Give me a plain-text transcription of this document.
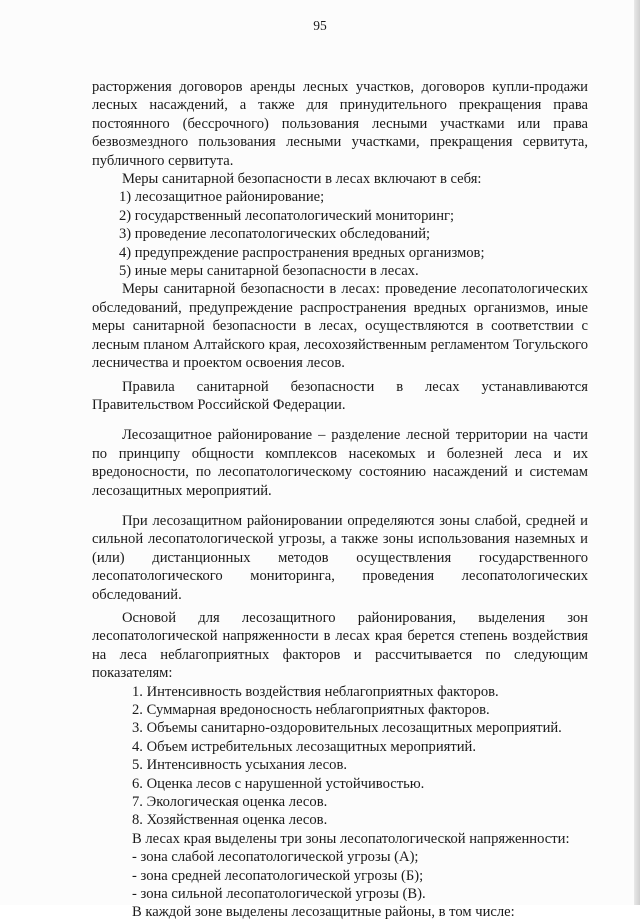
95

расторжения договоров аренды лесных участков, договоров купли-продажи лесных насаждений, а также для принудительного прекращения права постоянного (бессрочного) пользования лесными участками или права безвозмездного пользования лесными участками, прекращения сервитута, публичного сервитута.

Меры санитарной безопасности в лесах включают в себя:

1) лесозащитное районирование;

2) государственный лесопатологический мониторинг;

3) проведение лесопатологических обследований;

4) предупреждение распространения вредных организмов;

5) иные меры санитарной безопасности в лесах.

Меры санитарной безопасности в лесах: проведение лесопатологических обследований, предупреждение распространения вредных организмов, иные меры санитарной безопасности в лесах, осуществляются в соответствии с лесным планом Алтайского края, лесохозяйственным регламентом Тогульского лесничества и проектом освоения лесов.

Правила санитарной безопасности в лесах устанавливаются Правительством Российской Федерации.

Лесозащитное районирование – разделение лесной территории на части по принципу общности комплексов насекомых и болезней леса и их вредоносности, по лесопатологическому состоянию насаждений и системам лесозащитных мероприятий.

При лесозащитном районировании определяются зоны слабой, средней и сильной лесопатологической угрозы, а также зоны использования наземных и (или) дистанционных методов осуществления государственного лесопатологического мониторинга, проведения лесопатологических обследований.

Основой для лесозащитного районирования, выделения зон лесопатологической напряженности в лесах края берется степень воздействия на леса неблагоприятных факторов и рассчитывается по следующим показателям:

1. Интенсивность воздействия неблагоприятных факторов.

2. Суммарная вредоносность неблагоприятных факторов.

3. Объемы санитарно-оздоровительных лесозащитных мероприятий.

4. Объем истребительных лесозащитных мероприятий.

5. Интенсивность усыхания лесов.

6. Оценка лесов с нарушенной устойчивостью.

7. Экологическая оценка лесов.

8. Хозяйственная оценка лесов.

В лесах края выделены три зоны лесопатологической напряженности:

- зона слабой лесопатологической угрозы (А);

- зона средней лесопатологической угрозы (Б);

- зона сильной лесопатологической угрозы (В).

В каждой зоне выделены лесозащитные районы, в том числе:
